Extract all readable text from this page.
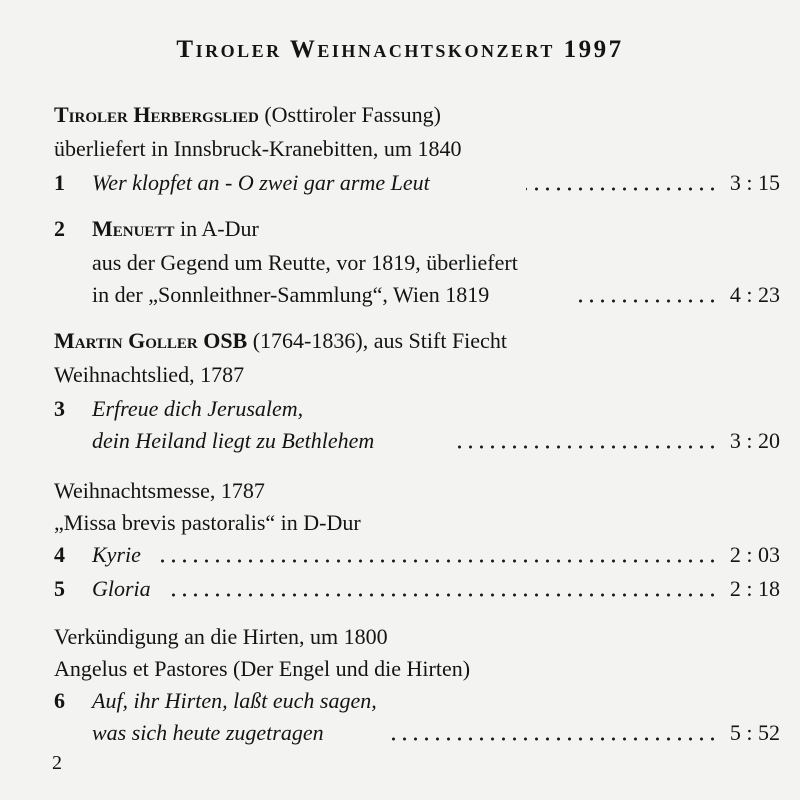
Tiroler Weihnachtskonzert 1997
Tiroler Herbergslied (Osttiroler Fassung)
überliefert in Innsbruck-Kranebitten, um 1840
1 Wer klopfet an - O zwei gar arme Leut	3 : 15
2 Menuett in A-Dur
aus der Gegend um Reutte, vor 1819, überliefert
in der „Sonnleithner-Sammlung“, Wien 1819	4 : 23
Martin Goller OSB (1764-1836), aus Stift Fiecht
Weihnachtslied, 1787
3 Erfreue dich Jerusalem,
dein Heiland liegt zu Bethlehem	3 : 20
Weihnachtsmesse, 1787
„Missa brevis pastoralis“ in D-Dur
4 Kyrie	2 : 03
5 Gloria	2 : 18
Verkündigung an die Hirten, um 1800
Angelus et Pastores (Der Engel und die Hirten)
6 Auf, ihr Hirten, laßt euch sagen,
was sich heute zugetragen	5 : 52
2
